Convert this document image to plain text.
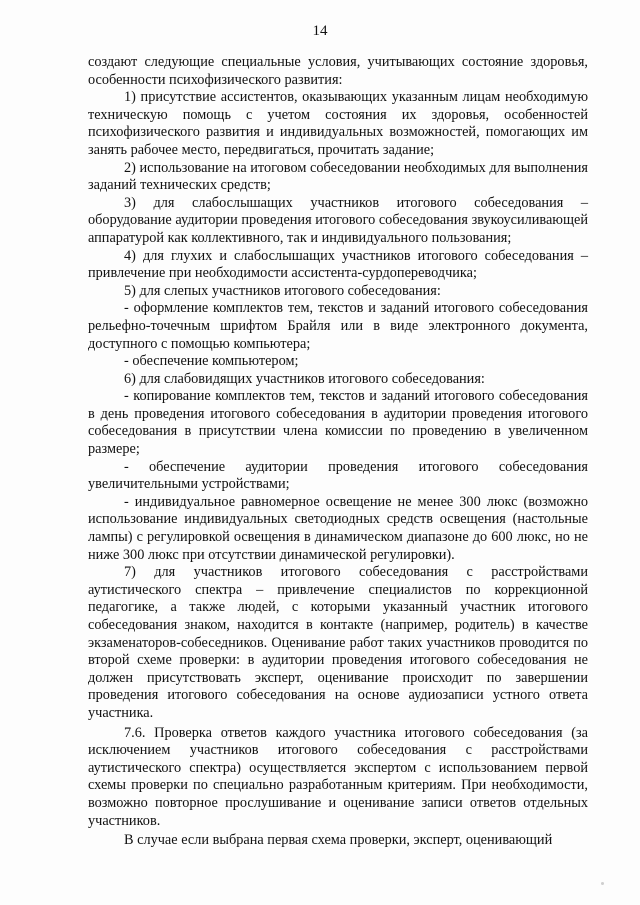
14

создают следующие специальные условия, учитывающих состояние здоровья, особенности психофизического развития:

1) присутствие ассистентов, оказывающих указанным лицам необходимую техническую помощь с учетом состояния их здоровья, особенностей психофизического развития и индивидуальных возможностей, помогающих им занять рабочее место, передвигаться, прочитать задание;

2) использование на итоговом собеседовании необходимых для выполнения заданий технических средств;

3) для слабослышащих участников итогового собеседования – оборудование аудитории проведения итогового собеседования звукоусиливающей аппаратурой как коллективного, так и индивидуального пользования;

4) для глухих и слабослышащих участников итогового собеседования – привлечение при необходимости ассистента-сурдопереводчика;

5) для слепых участников итогового собеседования:

- оформление комплектов тем, текстов и заданий итогового собеседования рельефно-точечным шрифтом Брайля или в виде электронного документа, доступного с помощью компьютера;

- обеспечение компьютером;

6) для слабовидящих участников итогового собеседования:

- копирование комплектов тем, текстов и заданий итогового собеседования в день проведения итогового собеседования в аудитории проведения итогового собеседования в присутствии члена комиссии по проведению в увеличенном размере;

- обеспечение аудитории проведения итогового собеседования увеличительными устройствами;

- индивидуальное равномерное освещение не менее 300 люкс (возможно использование индивидуальных светодиодных средств освещения (настольные лампы) с регулировкой освещения в динамическом диапазоне до 600 люкс, но не ниже 300 люкс при отсутствии динамической регулировки).

7) для участников итогового собеседования с расстройствами аутистического спектра – привлечение специалистов по коррекционной педагогике, а также людей, с которыми указанный участник итогового собеседования знаком, находится в контакте (например, родитель) в качестве экзаменаторов-собеседников. Оценивание работ таких участников проводится по второй схеме проверки: в аудитории проведения итогового собеседования не должен присутствовать эксперт, оценивание происходит по завершении проведения итогового собеседования на основе аудиозаписи устного ответа участника.

7.6. Проверка ответов каждого участника итогового собеседования (за исключением участников итогового собеседования с расстройствами аутистического спектра) осуществляется экспертом с использованием первой схемы проверки по специально разработанным критериям. При необходимости, возможно повторное прослушивание и оценивание записи ответов отдельных участников.

В случае если выбрана первая схема проверки, эксперт, оценивающий
